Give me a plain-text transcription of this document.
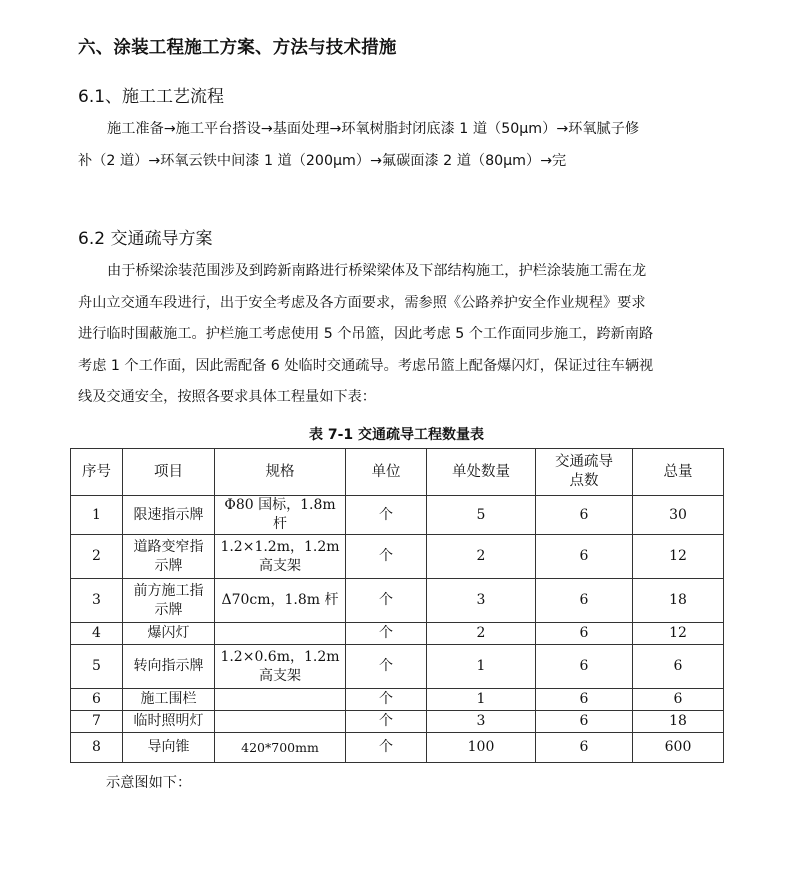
六、涂装工程施工方案、方法与技术措施
6.1、施工工艺流程
施工准备→施工平台搭设→基面处理→环氧树脂封闭底漆 1 道（50μm）→环氧腻子修
补（2 道）→环氧云铁中间漆 1 道（200μm）→氟碳面漆 2 道（80μm）→完
6.2 交通疏导方案
由于桥梁涂装范围涉及到跨新南路进行桥梁梁体及下部结构施工，护栏涂装施工需在龙
舟山立交通车段进行，出于安全考虑及各方面要求，需参照《公路养护安全作业规程》要求
进行临时围蔽施工。护栏施工考虑使用 5 个吊篮，因此考虑 5 个工作面同步施工，跨新南路
考虑 1 个工作面，因此需配备 6 处临时交通疏导。考虑吊篮上配备爆闪灯，保证过往车辆视
线及交通安全，按照各要求具体工程量如下表：
表 7-1 交通疏导工程数量表
序号	项目	规格	单位	单处数量	交通疏导
点数	总量
1	限速指示牌	Φ80 国标，1.8m 杆	个	5	6	30
2	道路变窄指
示牌	1.2×1.2m，1.2m
高支架	个	2	6	12
3	前方施工指
示牌	Δ70cm，1.8m 杆	个	3	6	18
4	爆闪灯		个	2	6	12
5	转向指示牌	1.2×0.6m，1.2m
高支架	个	1	6	6
6	施工围栏		个	1	6	6
7	临时照明灯		个	3	6	18
8	导向锥	420*700mm	个	100	6	600
示意图如下：
